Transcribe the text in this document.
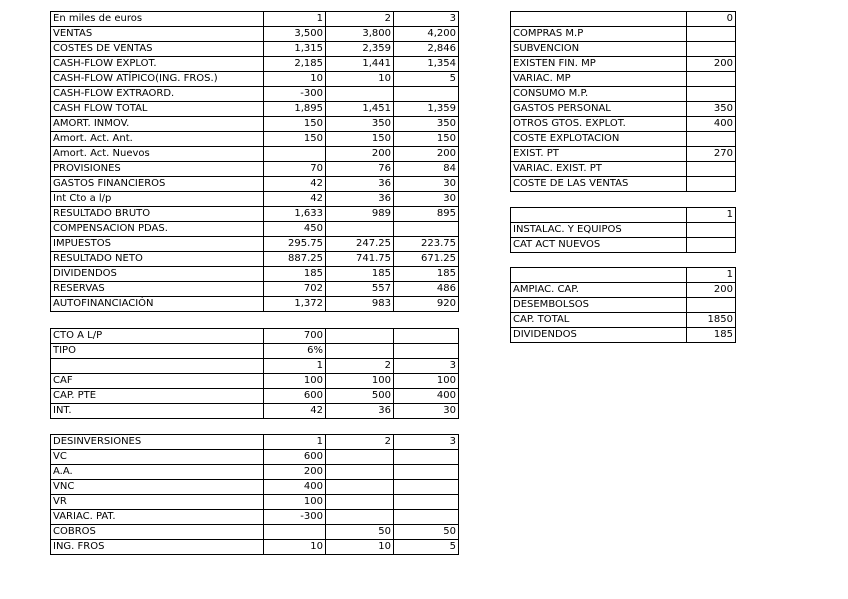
En miles de euros	1	2	3
VENTAS	3,500	3,800	4,200
COSTES DE VENTAS	1,315	2,359	2,846
CASH-FLOW EXPLOT.	2,185	1,441	1,354
CASH-FLOW ATÍPICO(ING. FROS.)	10	10	5
CASH-FLOW EXTRAORD.	-300		
CASH FLOW TOTAL	1,895	1,451	1,359
AMORT. INMOV.	150	350	350
Amort. Act. Ant.	150	150	150
Amort. Act. Nuevos		200	200
PROVISIONES	70	76	84
GASTOS FINANCIEROS	42	36	30
Int Cto a l/p	42	36	30
RESULTADO BRUTO	1,633	989	895
COMPENSACION PDAS.	450		
IMPUESTOS	295.75	247.25	223.75
RESULTADO NETO	887.25	741.75	671.25
DIVIDENDOS	185	185	185
RESERVAS	702	557	486
AUTOFINANCIACIÓN	1,372	983	920
CTO A L/P	700		
TIPO	6%		
	1	2	3
CAF	100	100	100
CAP. PTE	600	500	400
INT.	42	36	30
DESINVERSIONES	1	2	3
VC	600		
A.A.	200		
VNC	400		
VR	100		
VARIAC. PAT.	-300		
COBROS		50	50
ING. FROS	10	10	5
	0
COMPRAS M.P	
SUBVENCION	
EXISTEN FIN. MP	200
VARIAC. MP	
CONSUMO M.P.	
GASTOS PERSONAL	350
OTROS GTOS. EXPLOT.	400
COSTE EXPLOTACION	
EXIST. PT	270
VARIAC. EXIST. PT	
COSTE DE LAS VENTAS	
	1
INSTALAC. Y EQUIPOS	
CAT ACT NUEVOS	
	1
AMPIAC. CAP.	200
DESEMBOLSOS	
CAP. TOTAL	1850
DIVIDENDOS	185
